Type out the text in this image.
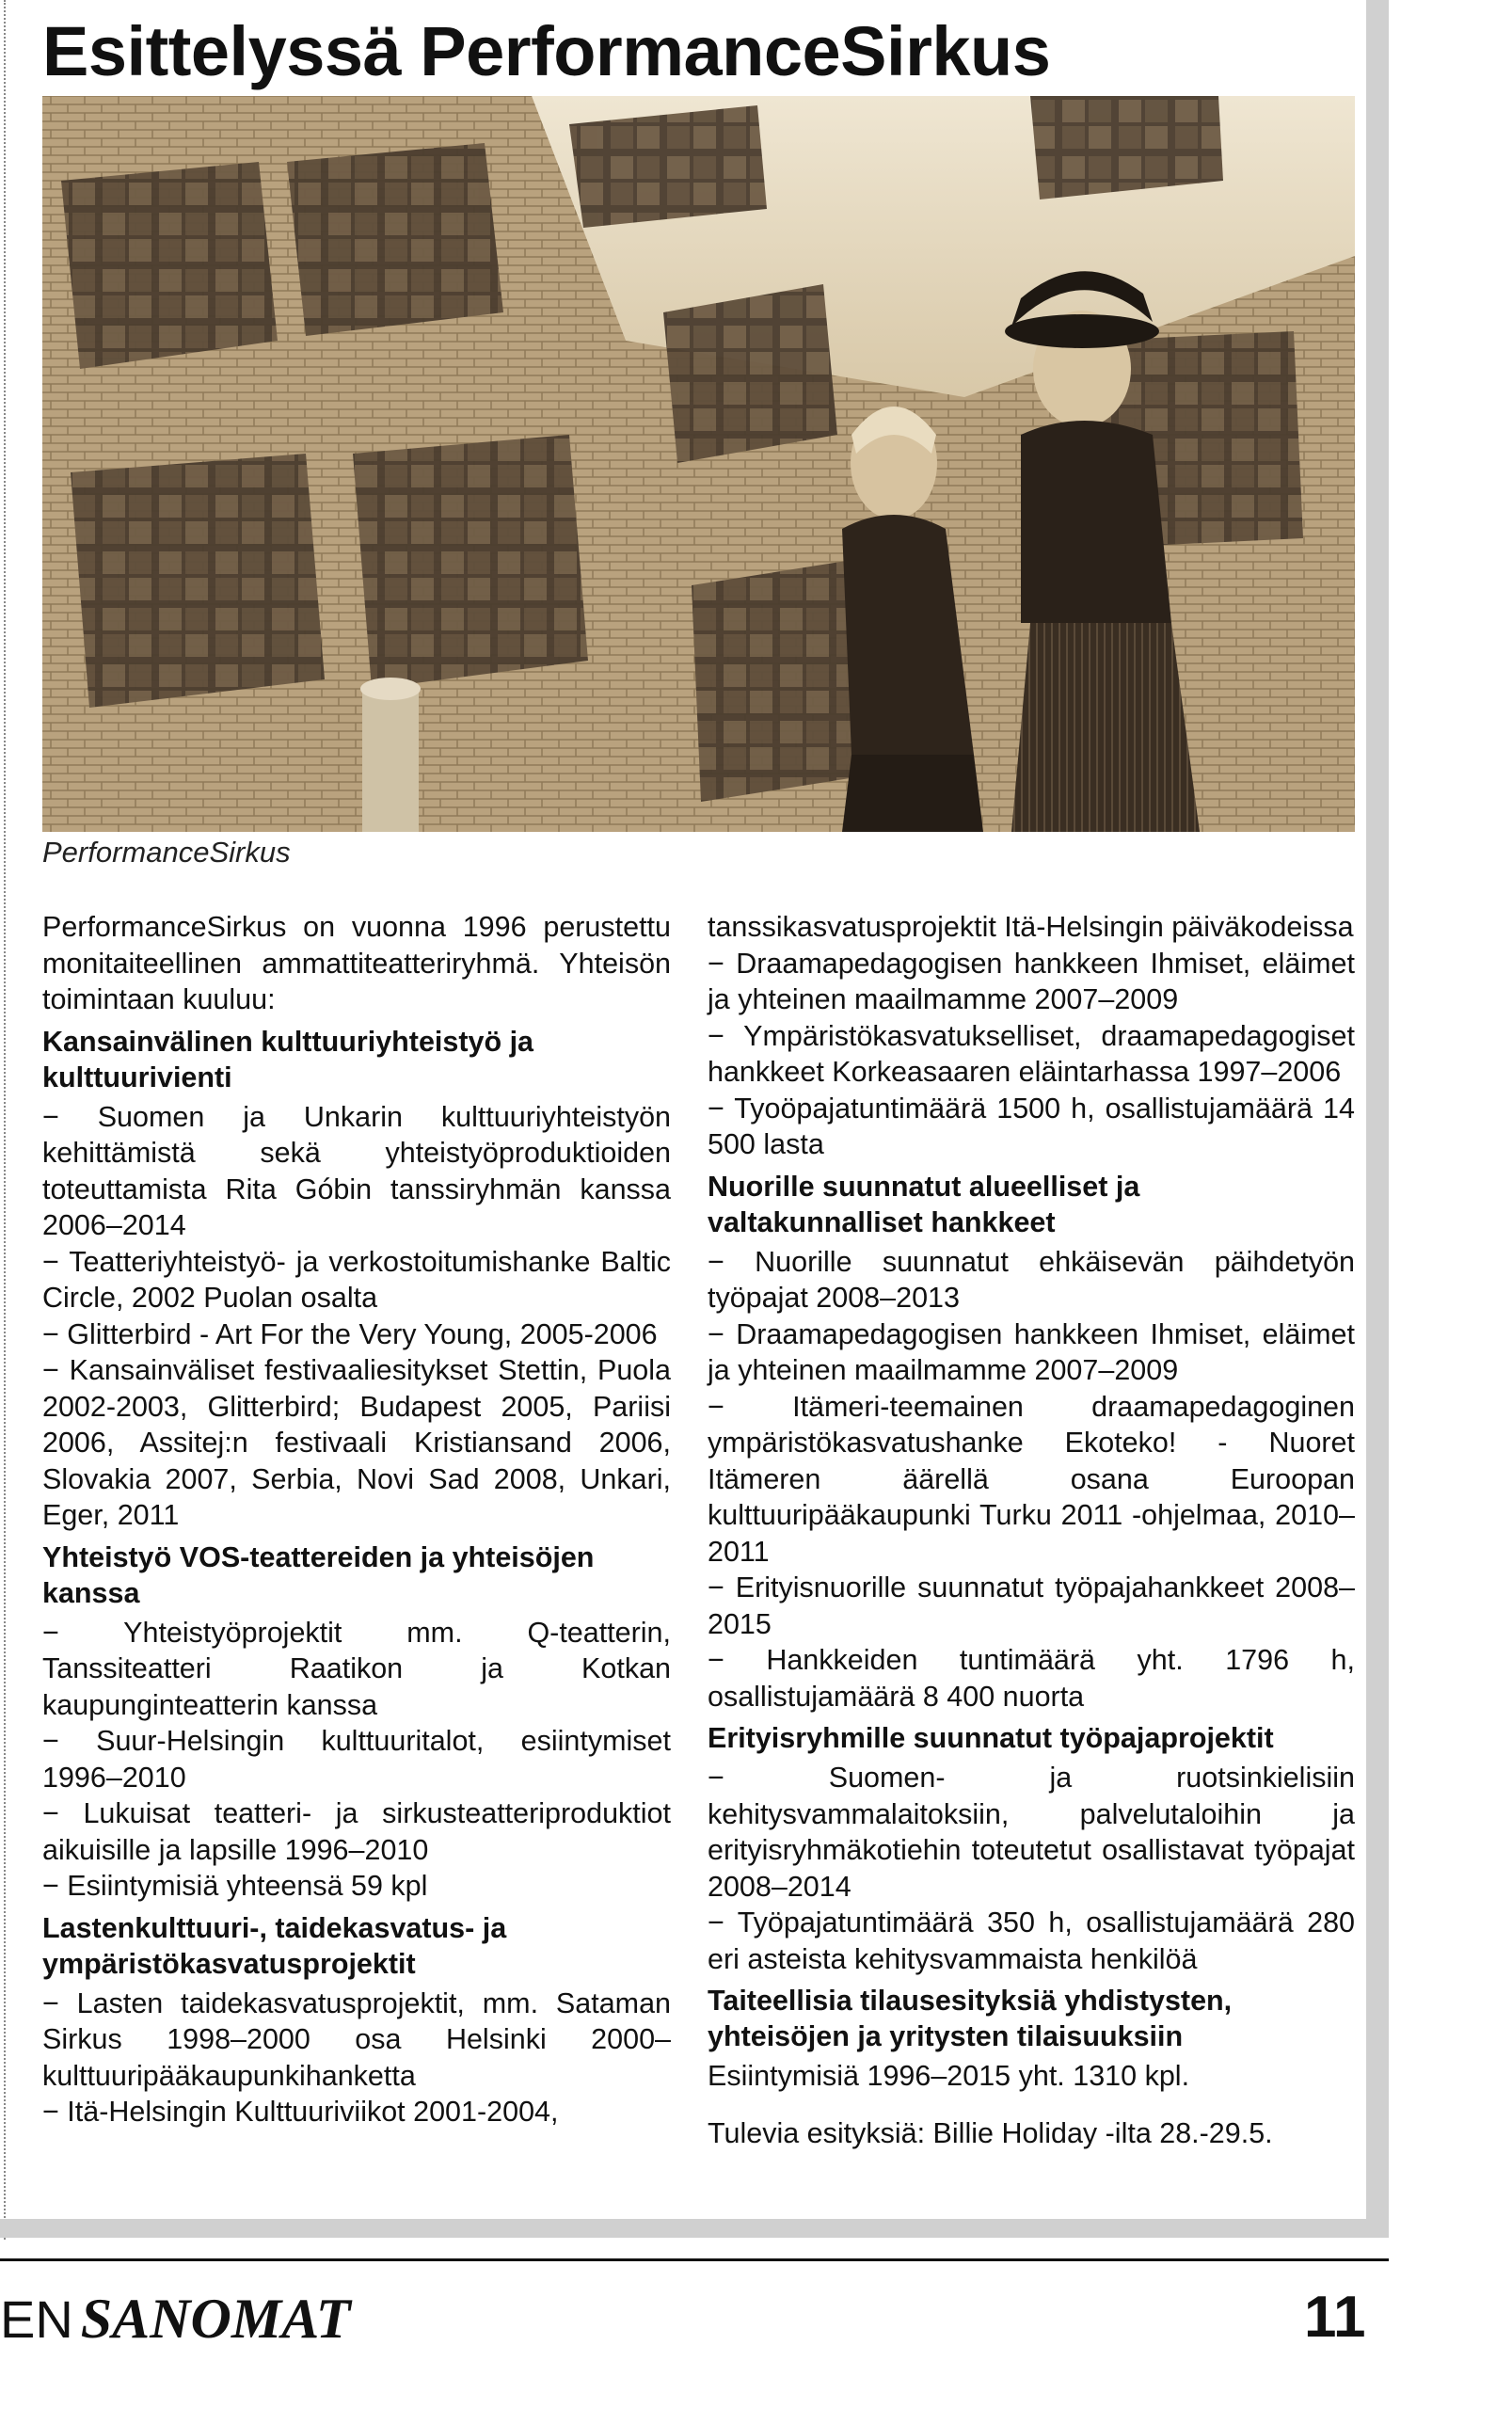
Esittelyssä PerformanceSirkus
PerformanceSirkus

PerformanceSirkus on vuonna 1996 perustettu monitaiteellinen ammattiteatteriryhmä. Yhteisön toimintaan kuuluu:

Kansainvälinen kulttuuriyhteistyö ja kulttuurivienti

− Suomen ja Unkarin kulttuuriyhteistyön kehittämistä sekä yhteistyöproduktioiden toteuttamista Rita Góbin tanssiryhmän kanssa 2006–2014

− Teatteriyhteistyö- ja verkostoitumishanke Baltic Circle, 2002 Puolan osalta

− Glitterbird - Art For the Very Young, 2005-2006

− Kansainväliset festivaaliesitykset Stettin, Puola 2002-2003, Glitterbird; Budapest 2005, Pariisi 2006, Assitej:n festivaali Kristiansand 2006, Slovakia 2007, Serbia, Novi Sad 2008, Unkari, Eger, 2011

Yhteistyö VOS-teattereiden ja yhteisöjen kanssa

− Yhteistyöprojektit mm. Q-teatterin, Tanssiteatteri Raatikon ja Kotkan kaupunginteatterin kanssa

− Suur-Helsingin kulttuuritalot, esiintymiset 1996–2010

− Lukuisat teatteri- ja sirkusteatteriproduktiot aikuisille ja lapsille 1996–2010

− Esiintymisiä yhteensä 59 kpl

Lastenkulttuuri-, taidekasvatus- ja ympäristökasvatusprojektit

− Lasten taidekasvatusprojektit, mm. Sataman Sirkus 1998–2000 osa Helsinki 2000–kulttuuripääkaupunkihanketta

− Itä-Helsingin Kulttuuriviikot 2001-2004,

tanssikasvatusprojektit Itä-Helsingin päiväkodeissa

− Draamapedagogisen hankkeen Ihmiset, eläimet ja yhteinen maailmamme 2007–2009

− Ympäristökasvatukselliset, draamapedagogiset hankkeet Korkeasaaren eläintarhassa 1997–2006

− Tyoöpajatuntimäärä 1500 h, osallistujamäärä 14 500 lasta

Nuorille suunnatut alueelliset ja valtakunnalliset hankkeet

− Nuorille suunnatut ehkäisevän päihdetyön työpajat 2008–2013

− Draamapedagogisen hankkeen Ihmiset, eläimet ja yhteinen maailmamme 2007–2009

− Itämeri-teemainen draamapedagoginen ympäristökasvatushanke Ekoteko! - Nuoret Itämeren äärellä osana Euroopan kulttuuripääkaupunki Turku 2011 -ohjelmaa, 2010–2011

− Erityisnuorille suunnatut työpajahankkeet 2008–2015

− Hankkeiden tuntimäärä yht. 1796 h, osallistujamäärä 8 400 nuorta

Erityisryhmille suunnatut työpajaprojektit

− Suomen- ja ruotsinkielisiin kehitysvammalaitoksiin, palvelutaloihin ja erityisryhmäkotiehin toteutetut osallistavat työpajat 2008–2014

− Työpajatuntimäärä 350 h, osallistujamäärä 280 eri asteista kehitysvammaista henkilöä

Taiteellisia tilausesityksiä yhdistysten, yhteisöjen ja yritysten tilaisuuksiin

Esiintymisiä 1996–2015 yht. 1310 kpl.

Tulevia esityksiä: Billie Holiday -ilta 28.-29.5.

EN SANOMAT	11
